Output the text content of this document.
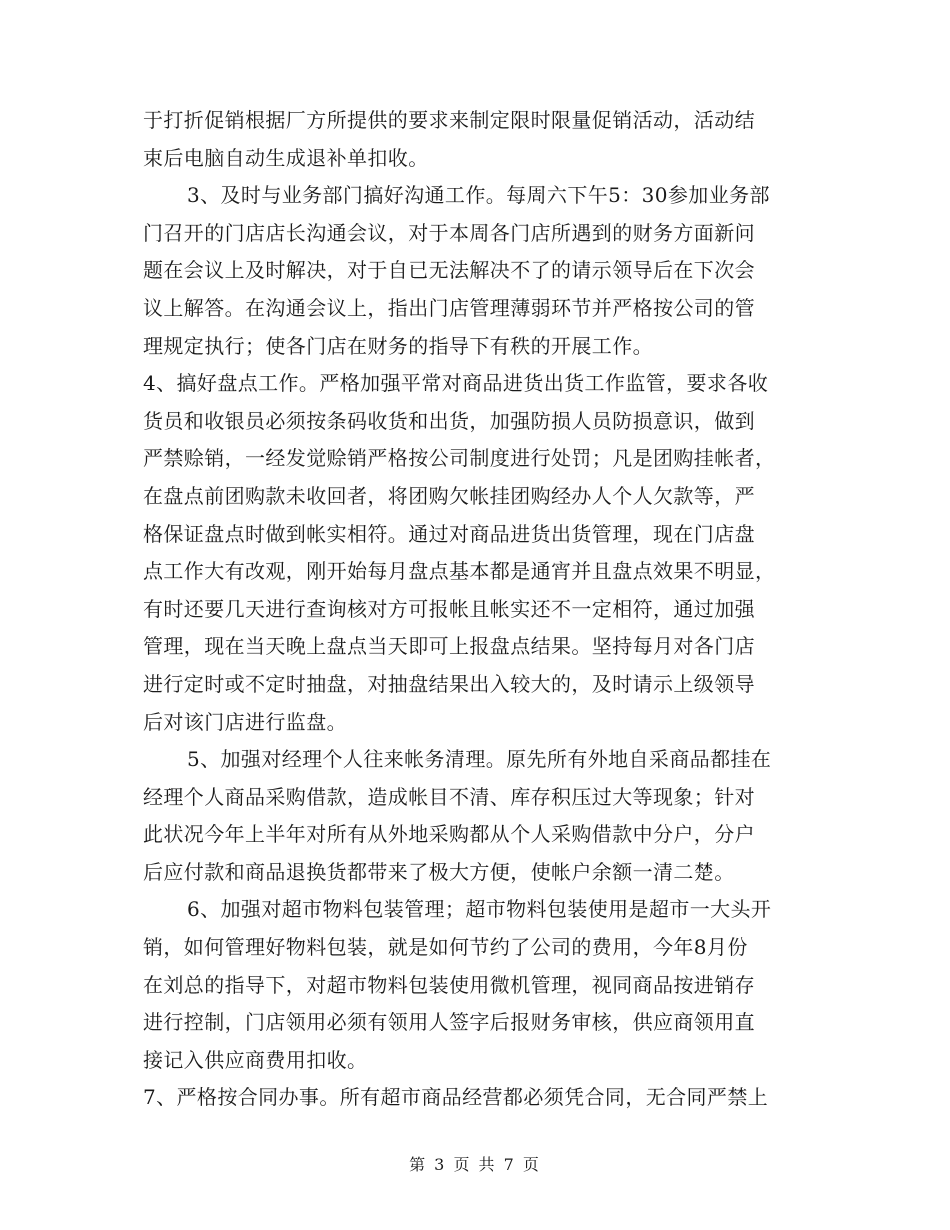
于打折促销根据厂方所提供的要求来制定限时限量促销活动，活动结
束后电脑自动生成退补单扣收。
3、及时与业务部门搞好沟通工作。每周六下午5：30参加业务部
门召开的门店店长沟通会议，对于本周各门店所遇到的财务方面新问
题在会议上及时解决，对于自已无法解决不了的请示领导后在下次会
议上解答。在沟通会议上，指出门店管理薄弱环节并严格按公司的管
理规定执行；使各门店在财务的指导下有秩的开展工作。
4、搞好盘点工作。严格加强平常对商品进货出货工作监管，要求各收
货员和收银员必须按条码收货和出货，加强防损人员防损意识，做到
严禁赊销，一经发觉赊销严格按公司制度进行处罚；凡是团购挂帐者，
在盘点前团购款未收回者，将团购欠帐挂团购经办人个人欠款等，严
格保证盘点时做到帐实相符。通过对商品进货出货管理，现在门店盘
点工作大有改观，刚开始每月盘点基本都是通宵并且盘点效果不明显，
有时还要几天进行查询核对方可报帐且帐实还不一定相符，通过加强
管理，现在当天晚上盘点当天即可上报盘点结果。坚持每月对各门店
进行定时或不定时抽盘，对抽盘结果出入较大的，及时请示上级领导
后对该门店进行监盘。
5、加强对经理个人往来帐务清理。原先所有外地自采商品都挂在
经理个人商品采购借款，造成帐目不清、库存积压过大等现象；针对
此状况今年上半年对所有从外地采购都从个人采购借款中分户，分户
后应付款和商品退换货都带来了极大方便，使帐户余额一清二楚。
6、加强对超市物料包装管理；超市物料包装使用是超市一大头开
销，如何管理好物料包装，就是如何节约了公司的费用，今年8月份
在刘总的指导下，对超市物料包装使用微机管理，视同商品按进销存
进行控制，门店领用必须有领用人签字后报财务审核，供应商领用直
接记入供应商费用扣收。
7、严格按合同办事。所有超市商品经营都必须凭合同，无合同严禁上
第 3 页 共 7 页
